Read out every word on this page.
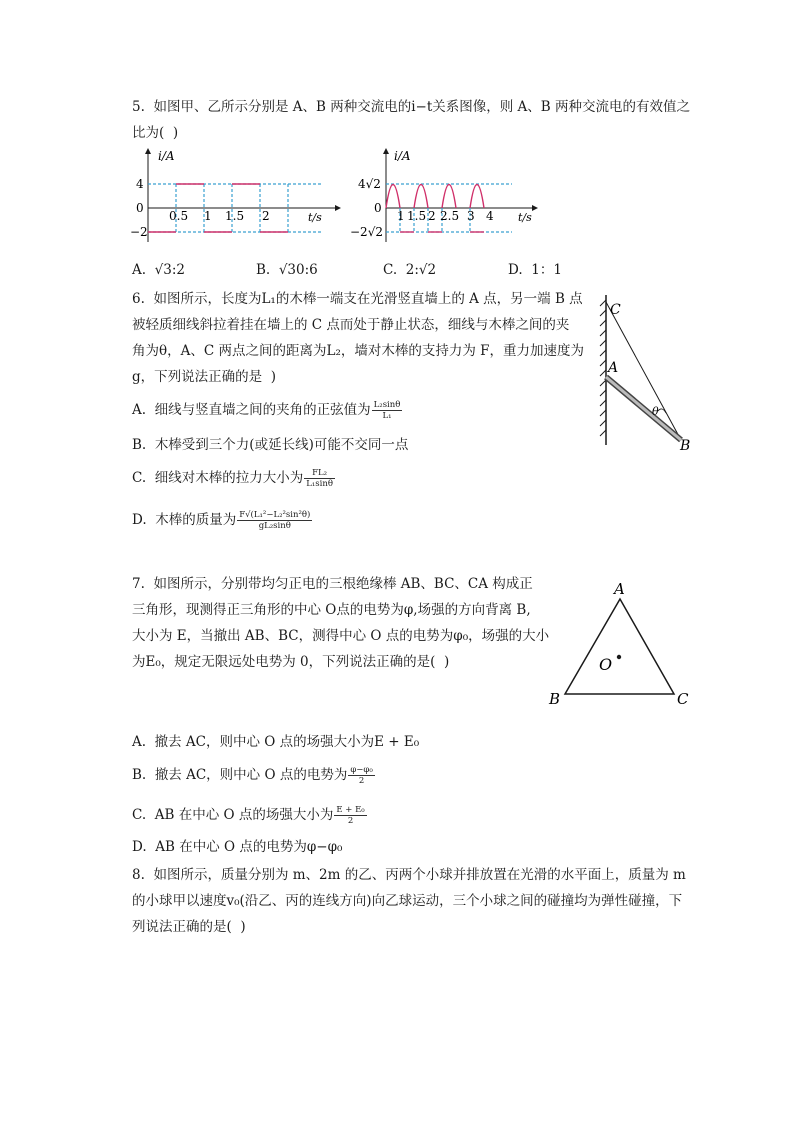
5.  如图甲、乙所示分别是 A、B 两种交流电的i−t关系图像，则 A、B 两种交流电的有效值之
比为(  )
i/A
t/s
4
0
−2
0.5 1 1.5 2
i/A
t/s
4√2
0
−2√2
1 1.5 2 2.5 3 4
A. √3:2	B. √30:6	C. 2:√2	D. 1：1
6.  如图所示，长度为L₁的木棒一端支在光滑竖直墙上的 A 点，另一端 B 点
被轻质细线斜拉着挂在墙上的 C 点而处于静止状态，细线与木棒之间的夹
角为θ，A、C 两点之间的距离为L₂，墙对木棒的支持力为 F，重力加速度为
g，下列说法正确的是  )
A. 细线与竖直墙之间的夹角的正弦值为 $\frac{\text{L₂sinθ}}{\text{L₁}}$
B. 木棒受到三个力(或延长线)可能不交同一点
C. 细线对木棒的拉力大小为 $\frac{\text{FL₂}}{\text{L₁sinθ}}$
D. 木棒的质量为 $\frac{\text{F√(L₁²−L₂²sin²θ)}}{\text{gL₂sinθ}}$
C
A
B
θ
7.  如图所示，分别带均匀正电的三根绝缘棒 AB、BC、CA 构成正
三角形，现测得正三角形的中心 O点的电势为φ,场强的方向背离 B,
大小为 E，当撤出 AB、BC，测得中心 O 点的电势为φ₀，场强的大小
为E₀，规定无限远处电势为 0，下列说法正确的是(  )
A
B	C
O
A. 撤去 AC，则中心 O 点的场强大小为E + E₀
B. 撤去 AC，则中心 O 点的电势为 $\frac{\text{φ−φ₀}}{2}$
C. AB 在中心 O 点的场强大小为 $\frac{\text{E + E₀}}{2}$
D. AB 在中心 O 点的电势为φ−φ₀
8.  如图所示，质量分别为 m、2m 的乙、丙两个小球并排放置在光滑的水平面上，质量为 m
的小球甲以速度v₀(沿乙、丙的连线方向)向乙球运动，三个小球之间的碰撞均为弹性碰撞，下
列说法正确的是(  )
